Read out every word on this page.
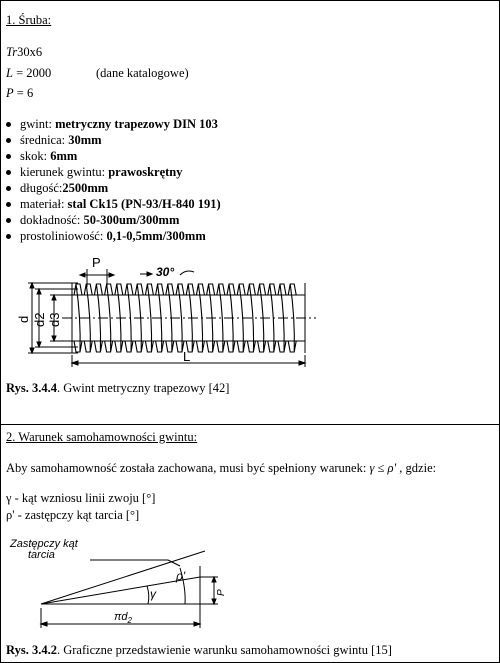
1. Śruba:
Tr30x6
L = 2000	(dane katalogowe)
P = 6
gwint: metryczny trapezowy DIN 103
średnica: 30mm
skok: 6mm
kierunek gwintu: prawoskrętny
długość:2500mm
materiał: stal Ck15 (PN-93/H-840 191)
dokładność: 50-300um/300mm
prostoliniowość: 0,1-0,5mm/300mm
P
30°
d d2 d3
L
Rys. 3.4.4. Gwint metryczny trapezowy [42]
2. Warunek samohamowności gwintu:
Aby samohamowność została zachowana, musi być spełniony warunek: γ ≤ ρ' , gdzie:
γ - kąt wzniosu linii zwoju [°]
ρ' - zastępczy kąt tarcia [°]
Zastępczy kąt
tarcia
γ
ρ'
P
$\pi d_2$
Rys. 3.4.2. Graficzne przedstawienie warunku samohamowności gwintu [15]
